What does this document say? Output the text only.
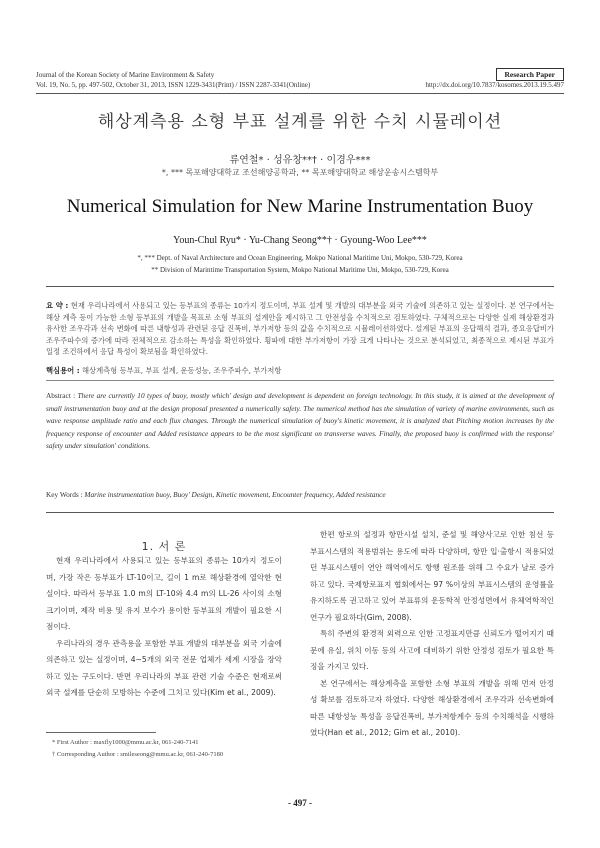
Journal of the Korean Society of Marine Environment & Safety	Research Paper
Vol. 19, No. 5, pp. 497-502, October 31, 2013, ISSN 1229-3431(Print) / ISSN 2287-3341(Online)	http://dx.doi.org/10.7837/kosomes.2013.19.5.497
해상계측용 소형 부표 설계를 위한 수치 시뮬레이션
류연철* · 성유창**† · 이경우***
*, *** 목포해양대학교 조선해양공학과, ** 목포해양대학교 해상운송시스템학부
Numerical Simulation for New Marine Instrumentation Buoy
Youn-Chul Ryu* · Yu-Chang Seong**† · Gyoung-Woo Lee***
*, *** Dept. of Naval Architecture and Ocean Engineering, Mokpo National Maritime Uni, Mokpo, 530-729, Korea
** Division of Marintime Transportation System, Mokpo National Maritime Uni, Mokpo, 530-729, Korea
요 약 : 현재 우리나라에서 사용되고 있는 등부표의 종류는 10가지 정도이며, 부표 설계 및 개발의 대부분을 외국 기술에 의존하고 있는 실정이다. 본 연구에서는 해상 계측 등이 가능한 소형 등부표의 개발을 목표로 소형 부표의 설계안을 제시하고 그 안전성을 수치적으로 검토하였다. 구체적으로는 다양한 실제 해상환경과 유사한 조우각과 선속 변화에 따른 내항성과 관련된 응답 진폭비, 부가저항 등의 값을 수치적으로 시뮬레이션하였다. 설계된 부표의 응답해석 결과, 종요응답비가 조우주파수의 증가에 따라 전체적으로 감소하는 특성을 확인하였다. 횡파에 대한 부가저항이 가장 크게 나타나는 것으로 분석되었고, 최종적으로 제시된 부표가 일정 조건하에서 응답 특성이 확보됨을 확인하였다.
핵심용어 : 해상계측형 등부표, 부표 설계, 운동성능, 조우주파수, 부가저항
Abstract : There are currently 10 types of buoy, mostly which' design and development is dependent on foreign technology. In this study, it is aimed at the development of small instrumentation buoy and at the design proposal presented a numerically safety. The numerical method has the simulation of variety of marine environments, such as wave response amplitude ratio and each flux changes. Through the numerical simulation of buoy's kinetic movement, it is analyzed that Pitching motion increases by the frequency response of encounter and Added resistance appears to be the most significant on transverse waves. Finally, the proposed buoy is confirmed with the response' safety under simulation' conditions.
Key Words : Marine instrumentation buoy, Buoy' Design, Kinetic movement, Encounter frequency, Added resistance
1. 서 론

현재 우리나라에서 사용되고 있는 등부표의 종류는 10가지 정도이며, 가장 작은 등부표가 LT-10이고, 길이 1 m로 해상환경에 열악한 현실이다. 따라서 등부표 1.0 m의 LT-10와 4.4 m의 LL-26 사이의 소형 크기이며, 제작 비용 및 유지 보수가 용이한 등부표의 개발이 필요한 시점이다.

우리나라의 경우 관측용을 포함한 부표 개발의 대부분을 외국 기술에 의존하고 있는 실정이며, 4~5개의 외국 전문 업체가 세계 시장을 장악하고 있는 구도이다. 반면 우리나라의 부표 관련 기술 수준은 현재로써 외국 설계를 단순히 모방하는 수준에 그치고 있다(Kim et al., 2009).

한편 항로의 설정과 항만시설 설치, 준설 및 해양사고로 인한 침선 등 부표시스템의 적용범위는 용도에 따라 다양하며, 항만 입·출항시 적용되었던 부표시스템이 연안 해역에서도 항행 원조를 위해 그 수요가 날로 증가하고 있다. 국제항로표지 협회에서는 97 %이상의 부표시스템의 운영률을 유지하도록 권고하고 있어 부표류의 운동학적 안정성면에서 유체역학적인 연구가 필요하다(Gim, 2008).

특히 주변의 환경적 외력으로 인한 고정표지만큼 신뢰도가 떨어지기 때문에 유실, 위치 이동 등의 사고에 대비하기 위한 안정성 검토가 필요한 특징을 가지고 있다.

본 연구에서는 해상계측을 포함한 소형 부표의 개발을 위해 먼저 안정성 확보를 검토하고자 하였다. 다양한 해상환경에서 조우각과 선속변화에 따른 내항성능 특성을 응답진폭비, 부가저항계수 등의 수치해석을 시행하였다(Han et al., 2012; Gim et al., 2010).

* First Author : maxfly1000@mmu.ac.kr, 061-240-7141
† Corresponding Author : smileseong@mmu.ac.kr, 061-240-7180
- 497 -
